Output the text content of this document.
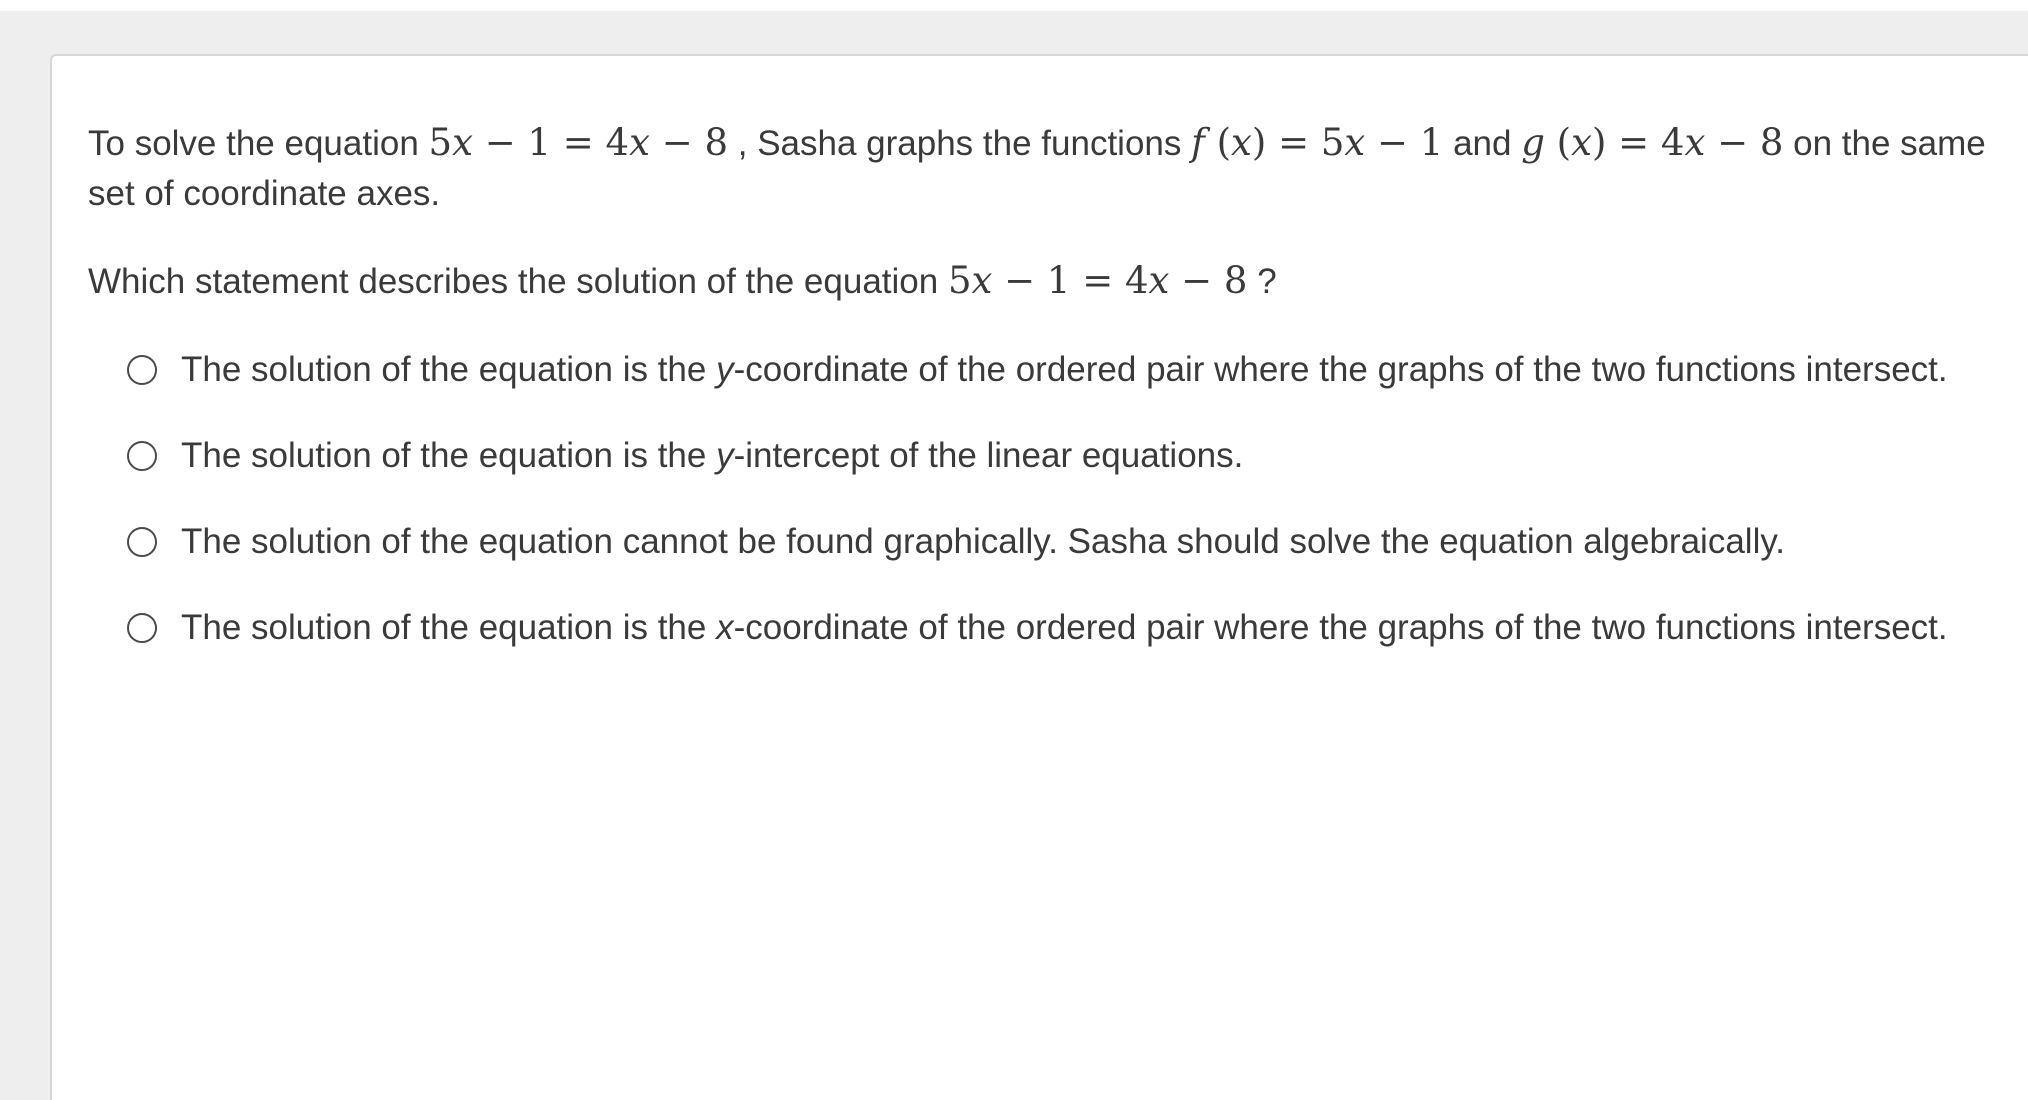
To solve the equation 5x − 1 = 4x − 8 , Sasha graphs the functions f (x) = 5x − 1 and g (x) = 4x − 8 on the same set of coordinate axes.

Which statement describes the solution of the equation 5x − 1 = 4x − 8 ?

The solution of the equation is the y-coordinate of the ordered pair where the graphs of the two functions intersect.
The solution of the equation is the y-intercept of the linear equations.
The solution of the equation cannot be found graphically. Sasha should solve the equation algebraically.
The solution of the equation is the x-coordinate of the ordered pair where the graphs of the two functions intersect.
